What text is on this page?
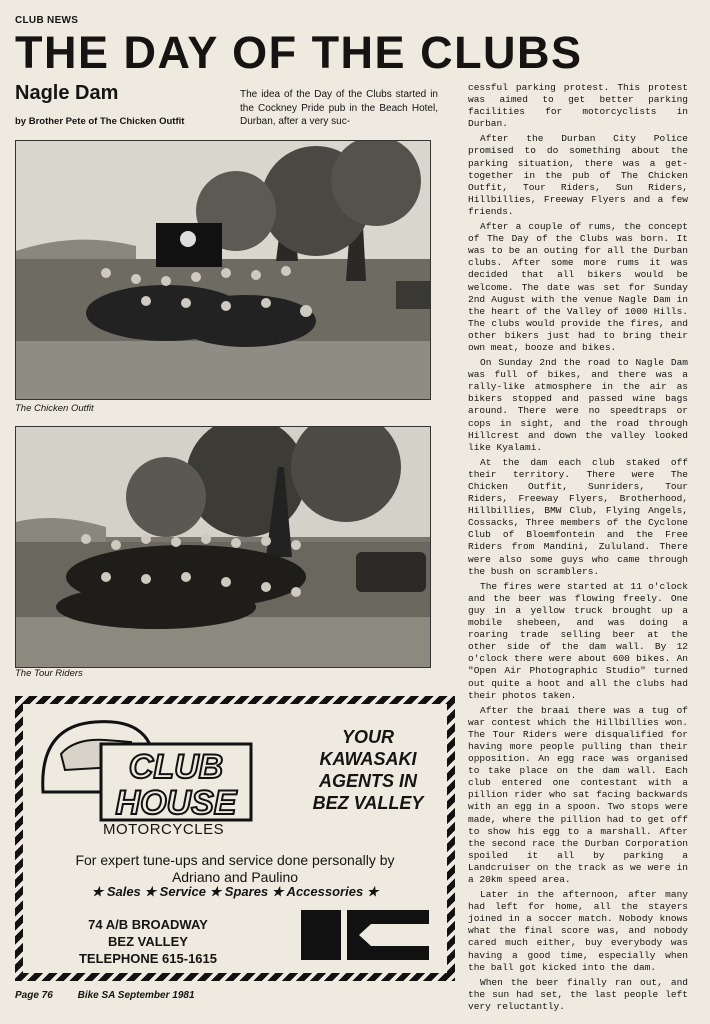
CLUB NEWS
THE DAY OF THE CLUBS
Nagle Dam
by Brother Pete of The Chicken Outfit

The idea of the Day of the Clubs started in the Cockney Pride pub in the Beach Hotel, Durban, after a very suc-

cessful parking protest. This protest was aimed to get better parking facilities for motorcyclists in Durban.

After the Durban City Police promised to do something about the parking situation, there was a get-together in the pub of The Chicken Outfit, Tour Riders, Sun Riders, Hillbillies, Freeway Flyers and a few friends.

After a couple of rums, the concept of The Day of the Clubs was born. It was to be an outing for all the Durban clubs. After some more rums it was decided that all bikers would be welcome. The date was set for Sunday 2nd August with the venue Nagle Dam in the heart of the Valley of 1000 Hills. The clubs would provide the fires, and other bikers just had to bring their own meat, booze and bikes.

On Sunday 2nd the road to Nagle Dam was full of bikes, and there was a rally-like atmosphere in the air as bikers stopped and passed wine bags around. There were no speedtraps or cops in sight, and the road through Hillcrest and down the valley looked like Kyalami.

At the dam each club staked off their territory. There were The Chicken Outfit, Sunriders, Tour Riders, Freeway Flyers, Brotherhood, Hillbillies, BMW Club, Flying Angels, Cossacks, Three members of the Cyclone Club of Bloemfontein and the Free Riders from Mandini, Zululand. There were also some guys who came through the bush on scramblers.

The fires were started at 11 o'clock and the beer was flowing freely. One guy in a yellow truck brought up a mobile shebeen, and was doing a roaring trade selling beer at the other side of the dam wall. By 12 o'clock there were about 600 bikes. An "Open Air Photographic Studio" turned out quite a hoot and all the clubs had their photos taken.

After the braai there was a tug of war contest which the Hillbillies won. The Tour Riders were disqualified for having more people pulling than their opposition. An egg race was organised to take place on the dam wall. Each club entered one contestant with a pillion rider who sat facing backwards with an egg in a spoon. Two stops were made, where the pillion had to get off to show his egg to a marshall. After the second race the Durban Corporation spoiled it all by parking a Landcruiser on the track as we were in a 20km speed area.

Later in the afternoon, after many had left for home, all the stayers joined in a soccer match. Nobody knows what the final score was, and nobody cared much either, buy everybody was having a good time, especially when the ball got kicked into the dam.

When the beer finally ran out, and the sun had set, the last people left very reluctantly.

The Chicken Outfit
The Tour Riders
CLUB
HOUSE
MOTORCYCLES
YOUR
KAWASAKI
AGENTS IN
BEZ VALLEY
For expert tune-ups and service done personally by
Adriano and Paulino
★ Sales ★ Service ★ Spares ★ Accessories ★
74 A/B BROADWAY
BEZ VALLEY
TELEPHONE 615-1615
Page 76 Bike SA September 1981
